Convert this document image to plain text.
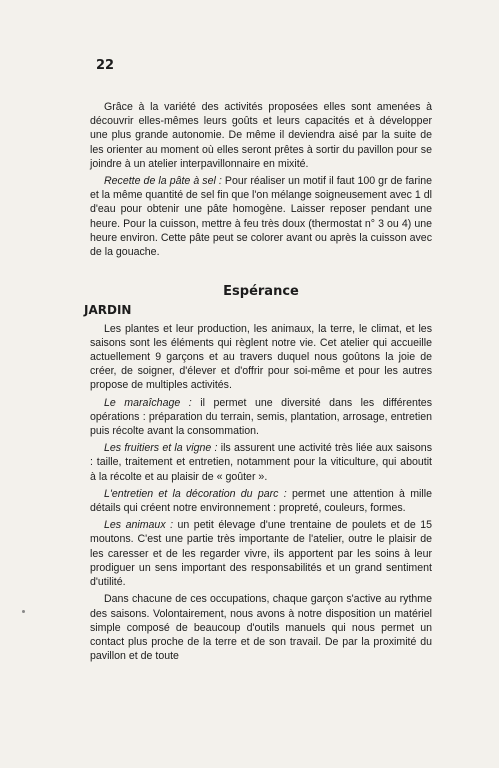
22

Grâce à la variété des activités proposées elles sont amenées à découvrir elles-mêmes leurs goûts et leurs capacités et à développer une plus grande autonomie. De même il deviendra aisé par la suite de les orienter au moment où elles seront prêtes à sortir du pavillon pour se joindre à un atelier interpavillonnaire en mixité.

Recette de la pâte à sel : Pour réaliser un motif il faut 100 gr de farine et la même quantité de sel fin que l'on mélange soigneusement avec 1 dl d'eau pour obtenir une pâte homogène. Laisser reposer pendant une heure. Pour la cuisson, mettre à feu très doux (thermostat n° 3 ou 4) une heure environ. Cette pâte peut se colorer avant ou après la cuisson avec de la gouache.

Espérance
JARDIN

Les plantes et leur production, les animaux, la terre, le climat, et les saisons sont les éléments qui règlent notre vie. Cet atelier qui accueille actuellement 9 garçons et au travers duquel nous goûtons la joie de créer, de soigner, d'élever et d'offrir pour soi-même et pour les autres propose de multiples activités.

Le maraîchage : il permet une diversité dans les différentes opérations : préparation du terrain, semis, plantation, arrosage, entretien puis récolte avant la consommation.

Les fruitiers et la vigne : ils assurent une activité très liée aux saisons : taille, traitement et entretien, notamment pour la viticulture, qui aboutit à la récolte et au plaisir de « goûter ».

L'entretien et la décoration du parc : permet une attention à mille détails qui créent notre environnement : propreté, couleurs, formes.

Les animaux : un petit élevage d'une trentaine de poulets et de 15 moutons. C'est une partie très importante de l'atelier, outre le plaisir de les caresser et de les regarder vivre, ils apportent par les soins à leur prodiguer un sens important des responsabilités et un grand sentiment d'utilité.

Dans chacune de ces occupations, chaque garçon s'active au rythme des saisons. Volontairement, nous avons à notre disposition un matériel simple composé de beaucoup d'outils manuels qui nous permet un contact plus proche de la terre et de son travail. De par la proximité du pavillon et de toute
